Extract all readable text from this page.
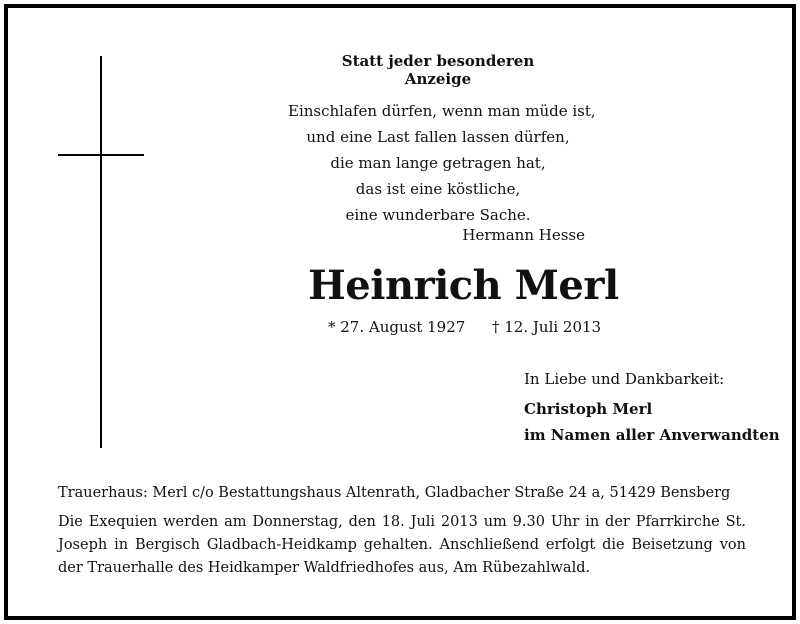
Statt jeder besonderen Anzeige
Einschlafen dürfen, wenn man müde ist,
und eine Last fallen lassen dürfen,
die man lange getragen hat,
das ist eine köstliche,
eine wunderbare Sache.
Hermann Hesse
Heinrich Merl
* 27. August 1927 † 12. Juli 2013
In Liebe und Dankbarkeit:
Christoph Merl
im Namen aller Anverwandten
Trauerhaus: Merl c/o Bestattungshaus Altenrath, Gladbacher Straße 24 a, 51429 Bensberg
Die Exequien werden am Donnerstag, den 18. Juli 2013 um 9.30 Uhr in der Pfarrkirche St. Joseph in Bergisch Gladbach-Heidkamp gehalten. Anschließend erfolgt die Beisetzung von der Trauerhalle des Heidkamper Waldfriedhofes aus, Am Rübezahlwald.
